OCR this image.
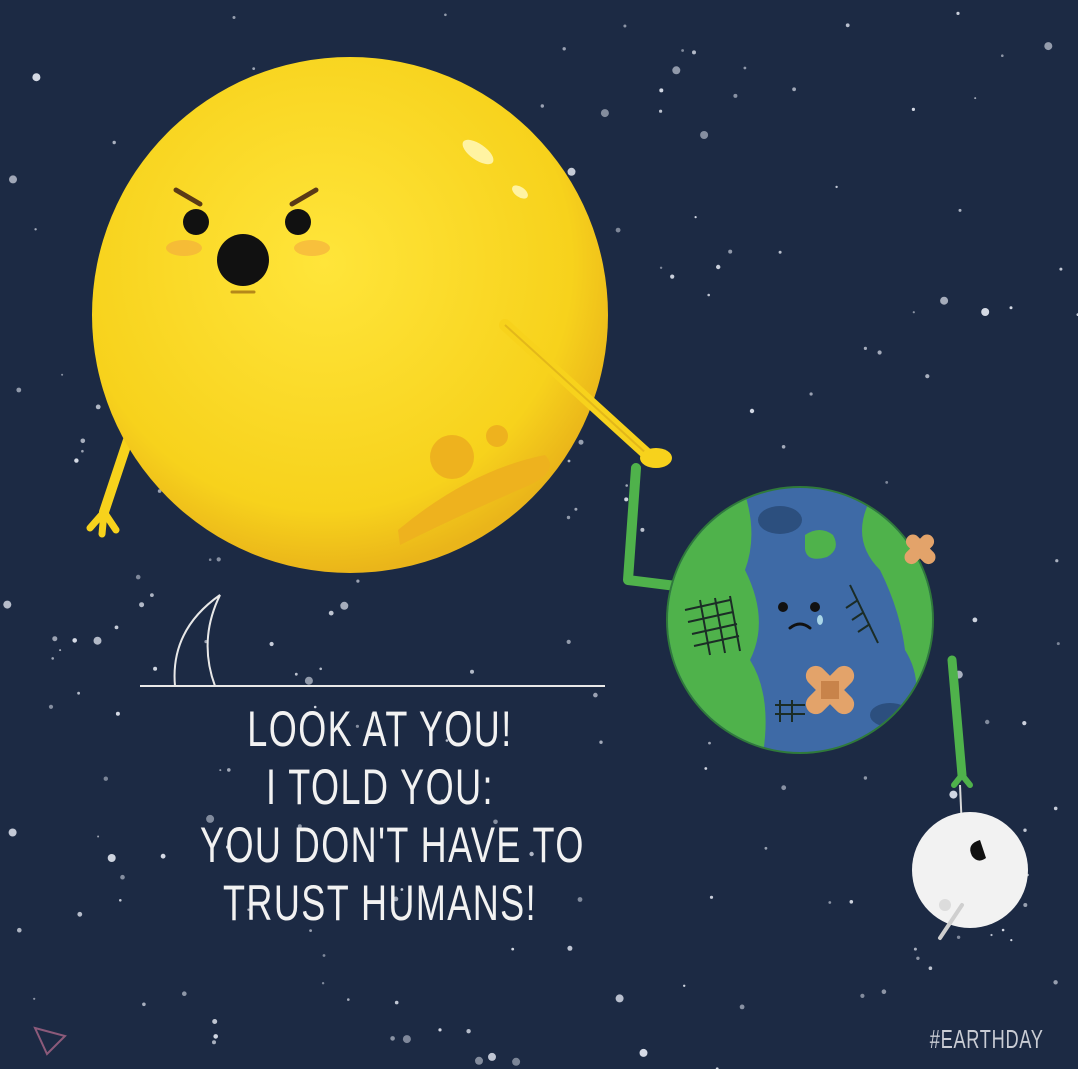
LOOK AT YOU!
I TOLD YOU:
YOU DON'T HAVE TO
TRUST HUMANS!
#EARTHDAY
